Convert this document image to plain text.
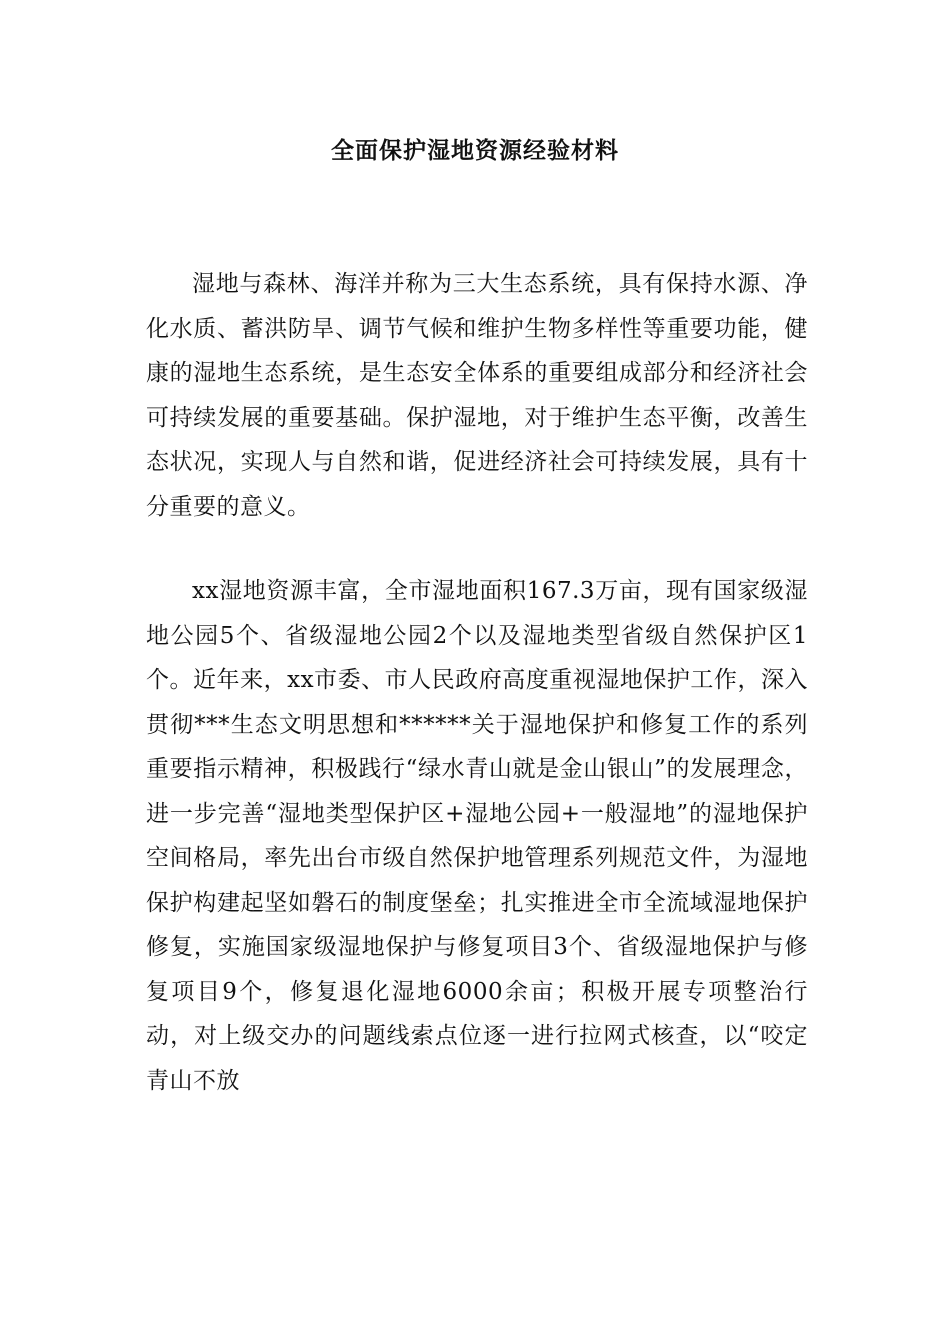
全面保护湿地资源经验材料

湿地与森林、海洋并称为三大生态系统，具有保持水源、净化水质、蓄洪防旱、调节气候和维护生物多样性等重要功能，健康的湿地生态系统，是生态安全体系的重要组成部分和经济社会可持续发展的重要基础。保护湿地，对于维护生态平衡，改善生态状况，实现人与自然和谐，促进经济社会可持续发展，具有十分重要的意义。

xx湿地资源丰富，全市湿地面积167.3万亩，现有国家级湿地公园5个、省级湿地公园2个以及湿地类型省级自然保护区1个。近年来，xx市委、市人民政府高度重视湿地保护工作，深入贯彻***生态文明思想和******关于湿地保护和修复工作的系列重要指示精神，积极践行“绿水青山就是金山银山”的发展理念，进一步完善“湿地类型保护区+湿地公园+一般湿地”的湿地保护空间格局，率先出台市级自然保护地管理系列规范文件，为湿地保护构建起坚如磐石的制度堡垒；扎实推进全市全流域湿地保护修复，实施国家级湿地保护与修复项目3个、省级湿地保护与修复项目9个，修复退化湿地6000余亩；积极开展专项整治行动，对上级交办的问题线索点位逐一进行拉网式核查，以“咬定青山不放
